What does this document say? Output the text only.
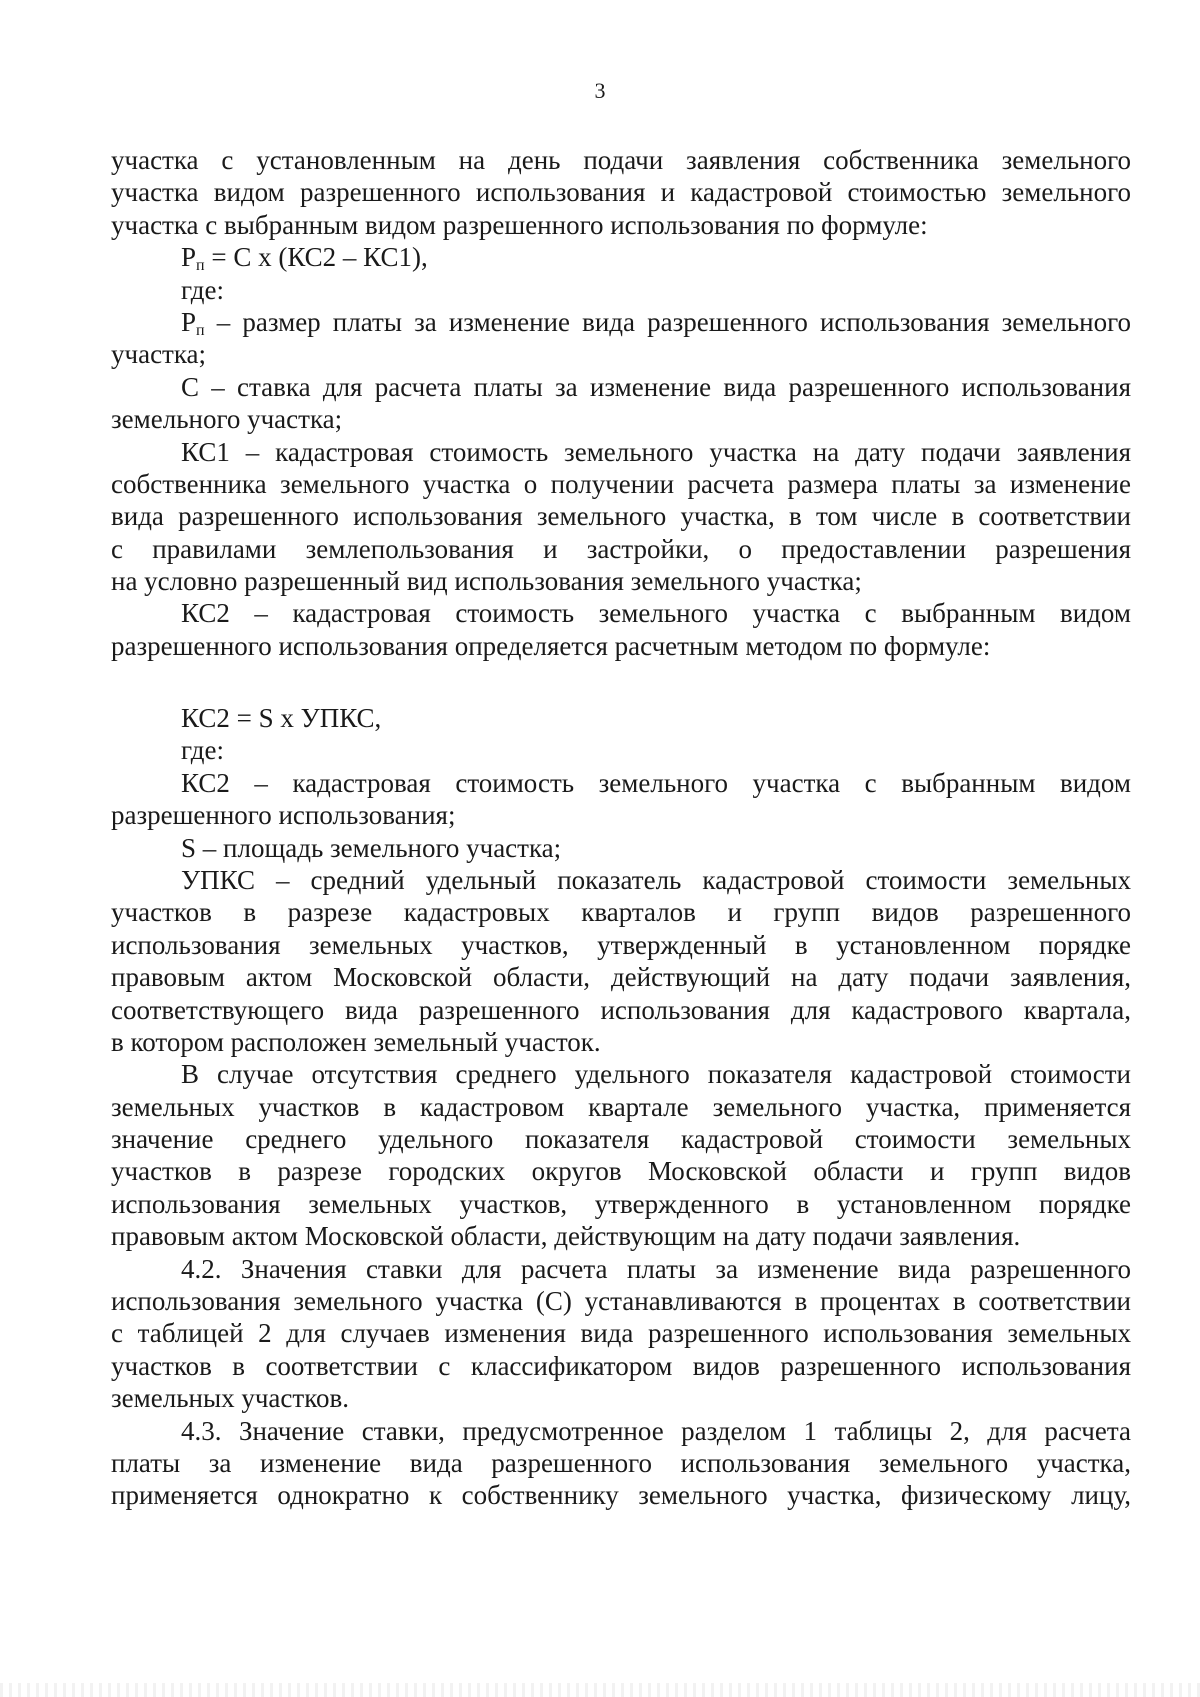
3
участка с установленным на день подачи заявления собственника земельного
участка видом разрешенного использования и кадастровой стоимостью земельного
участка с выбранным видом разрешенного использования по формуле:
$Р_п = С$ х (КС2 – КС1),
где:
$Р_п$ – размер платы за изменение вида разрешенного использования земельного
участка;
С – ставка для расчета платы за изменение вида разрешенного использования
земельного участка;
КС1 – кадастровая стоимость земельного участка на дату подачи заявления
собственника земельного участка о получении расчета размера платы за изменение
вида разрешенного использования земельного участка, в том числе в соответствии
с правилами землепользования и застройки, о предоставлении разрешения
на условно разрешенный вид использования земельного участка;
КС2 – кадастровая стоимость земельного участка с выбранным видом
разрешенного использования определяется расчетным методом по формуле:
КС2 = S х УПКС,
где:
КС2 – кадастровая стоимость земельного участка с выбранным видом
разрешенного использования;
S – площадь земельного участка;
УПКС – средний удельный показатель кадастровой стоимости земельных
участков в разрезе кадастровых кварталов и групп видов разрешенного
использования земельных участков, утвержденный в установленном порядке
правовым актом Московской области, действующий на дату подачи заявления,
соответствующего вида разрешенного использования для кадастрового квартала,
в котором расположен земельный участок.
В случае отсутствия среднего удельного показателя кадастровой стоимости
земельных участков в кадастровом квартале земельного участка, применяется
значение среднего удельного показателя кадастровой стоимости земельных
участков в разрезе городских округов Московской области и групп видов
использования земельных участков, утвержденного в установленном порядке
правовым актом Московской области, действующим на дату подачи заявления.
4.2. Значения ставки для расчета платы за изменение вида разрешенного
использования земельного участка (С) устанавливаются в процентах в соответствии
с таблицей 2 для случаев изменения вида разрешенного использования земельных
участков в соответствии с классификатором видов разрешенного использования
земельных участков.
4.3. Значение ставки, предусмотренное разделом 1 таблицы 2, для расчета
платы за изменение вида разрешенного использования земельного участка,
применяется однократно к собственнику земельного участка, физическому лицу,
